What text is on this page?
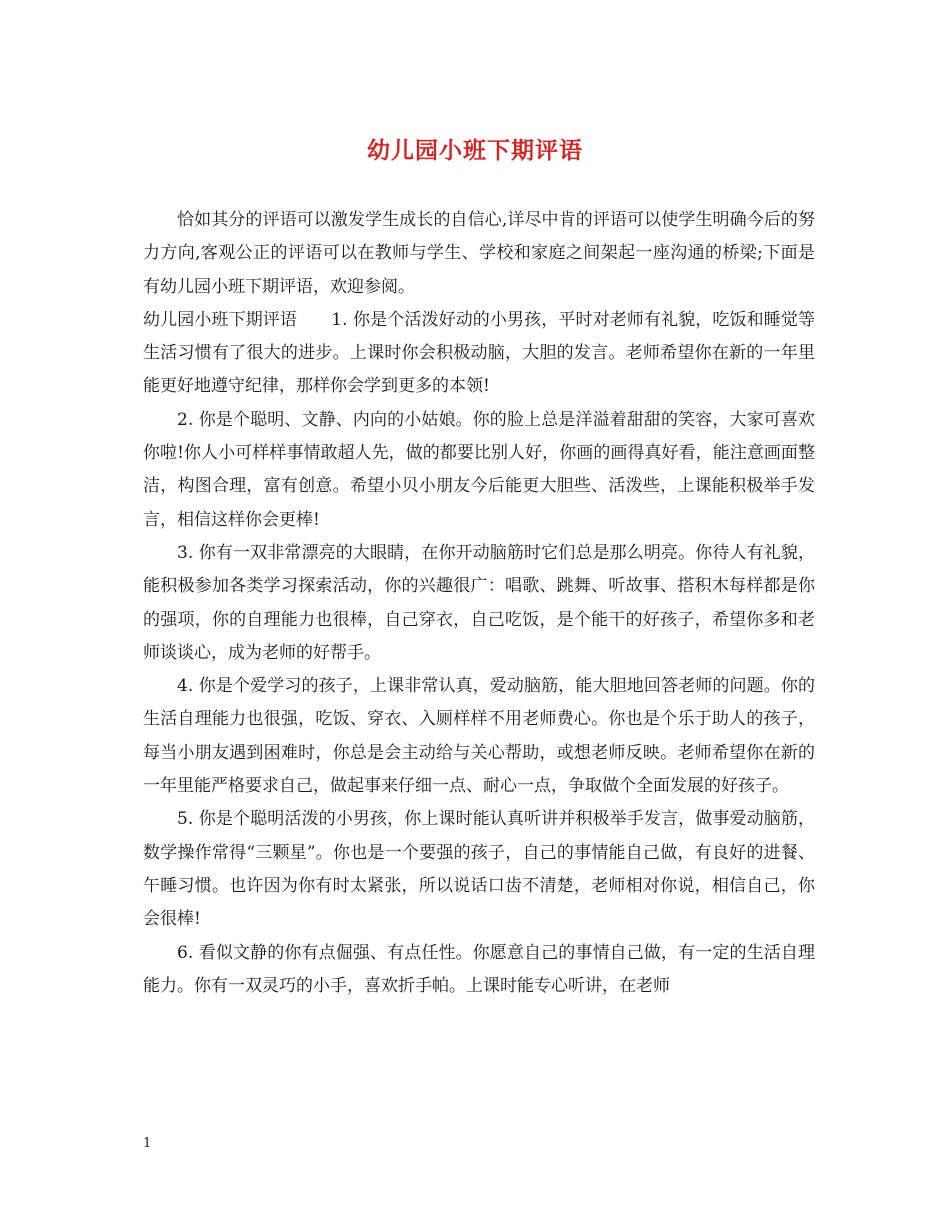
幼儿园小班下期评语

恰如其分的评语可以激发学生成长的自信心,详尽中肯的评语可以使学生明确今后的努力方向,客观公正的评语可以在教师与学生、学校和家庭之间架起一座沟通的桥梁;下面是有幼儿园小班下期评语，欢迎参阅。

幼儿园小班下期评语　　1. 你是个活泼好动的小男孩，平时对老师有礼貌，吃饭和睡觉等生活习惯有了很大的进步。上课时你会积极动脑，大胆的发言。老师希望你在新的一年里能更好地遵守纪律，那样你会学到更多的本领!

2. 你是个聪明、文静、内向的小姑娘。你的脸上总是洋溢着甜甜的笑容，大家可喜欢你啦!你人小可样样事情敢超人先，做的都要比别人好，你画的画得真好看，能注意画面整洁，构图合理，富有创意。希望小贝小朋友今后能更大胆些、活泼些，上课能积极举手发言，相信这样你会更棒!

3. 你有一双非常漂亮的大眼睛，在你开动脑筋时它们总是那么明亮。你待人有礼貌，能积极参加各类学习探索活动，你的兴趣很广：唱歌、跳舞、听故事、搭积木每样都是你的强项，你的自理能力也很棒，自己穿衣，自己吃饭，是个能干的好孩子，希望你多和老师谈谈心，成为老师的好帮手。

4. 你是个爱学习的孩子，上课非常认真，爱动脑筋，能大胆地回答老师的问题。你的生活自理能力也很强，吃饭、穿衣、入厕样样不用老师费心。你也是个乐于助人的孩子，每当小朋友遇到困难时，你总是会主动给与关心帮助，或想老师反映。老师希望你在新的一年里能严格要求自己，做起事来仔细一点、耐心一点，争取做个全面发展的好孩子。

5. 你是个聪明活泼的小男孩，你上课时能认真听讲并积极举手发言，做事爱动脑筋，数学操作常得“三颗星”。你也是一个要强的孩子，自己的事情能自己做，有良好的进餐、午睡习惯。也许因为你有时太紧张，所以说话口齿不清楚，老师相对你说，相信自己，你会很棒!

6. 看似文静的你有点倔强、有点任性。你愿意自己的事情自己做，有一定的生活自理能力。你有一双灵巧的小手，喜欢折手帕。上课时能专心听讲，在老师

1
